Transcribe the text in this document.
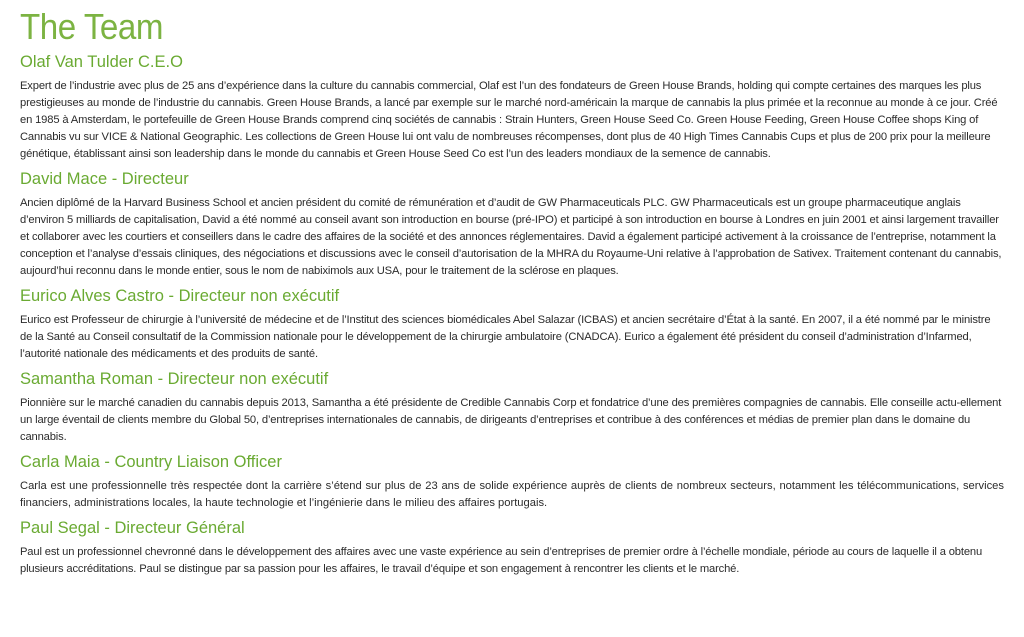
The Team
Olaf Van Tulder C.E.O

Expert de l’industrie avec plus de 25 ans d’expérience dans la culture du cannabis commercial, Olaf est l’un des fondateurs de Green House Brands, holding qui compte certaines des marques les plus prestigieuses au monde de l’industrie du cannabis. Green House Brands, a lancé par exemple sur le marché nord-américain la marque de cannabis la plus primée et la reconnue au monde à ce jour. Créé en 1985 à Amsterdam, le portefeuille de Green House Brands comprend cinq sociétés de cannabis : Strain Hunters, Green House Seed Co. Green House Feeding, Green House Coffee shops King of Cannabis vu sur VICE & National Geographic. Les collections de Green House lui ont valu de nombreuses récompenses, dont plus de 40 High Times Cannabis Cups et plus de 200 prix pour la meilleure génétique, établissant ainsi son leadership dans le monde du cannabis et Green House Seed Co est l’un des leaders mondiaux de la semence de cannabis.

David Mace - Directeur

Ancien diplômé de la Harvard Business School et ancien président du comité de rémunération et d’audit de GW Pharmaceuticals PLC. GW Pharmaceuticals est un groupe pharmaceutique anglais d’environ 5 milliards de capitalisation, David a été nommé au conseil avant son introduction en bourse (pré-IPO) et participé à son introduction en bourse à Londres en juin 2001 et ainsi largement travailler et collaborer avec les courtiers et conseillers dans le cadre des affaires de la société et des annonces réglementaires. David a également participé activement à la croissance de l’entreprise, notamment la conception et l’analyse d’essais cliniques, des négociations et discussions avec le conseil d’autorisation de la MHRA du Royaume-Uni relative à l’approbation de Sativex. Traitement contenant du cannabis, aujourd’hui reconnu dans le monde entier, sous le nom de nabiximols aux USA, pour le traitement de la sclérose en plaques.

Eurico Alves Castro - Directeur non exécutif

Eurico est Professeur de chirurgie à l’université de médecine et de l’Institut des sciences biomédicales Abel Salazar (ICBAS) et ancien secrétaire d’État à la santé. En 2007, il a été nommé par le ministre de la Santé au Conseil consultatif de la Commission nationale pour le développement de la chirurgie ambulatoire (CNADCA). Eurico a également été président du conseil d’administration d’Infarmed, l’autorité nationale des médicaments et des produits de santé.

Samantha Roman - Directeur non exécutif

Pionnière sur le marché canadien du cannabis depuis 2013, Samantha a été présidente de Credible Cannabis Corp et fondatrice d’une des premières compagnies de cannabis. Elle conseille actu-ellement un large éventail de clients membre du Global 50, d’entreprises internationales de cannabis, de dirigeants d’entreprises et contribue à des conférences et médias de premier plan dans le domaine du cannabis.

Carla Maia - Country Liaison Officer

Carla est une professionnelle très respectée dont la carrière s’étend sur plus de 23 ans de solide expérience auprès de clients de nombreux secteurs, notamment les télécommunications, services financiers, administrations locales, la haute technologie et l’ingénierie dans le milieu des affaires portugais.

Paul Segal - Directeur Général

Paul est un professionnel chevronné dans le développement des affaires avec une vaste expérience au sein d’entreprises de premier ordre à l’échelle mondiale, période au cours de laquelle il a obtenu plusieurs accréditations. Paul se distingue par sa passion pour les affaires, le travail d’équipe et son engagement à rencontrer les clients et le marché.
